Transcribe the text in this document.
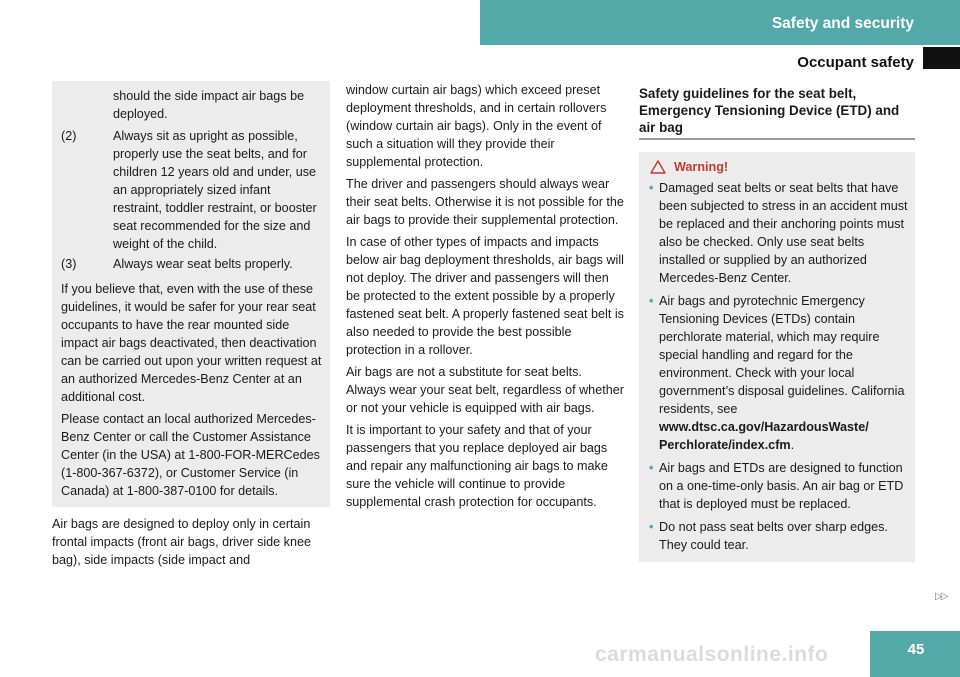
Safety and security
Occupant safety
should the side impact air bags be deployed.
(2)	Always sit as upright as possible, properly use the seat belts, and for children 12 years old and under, use an appropriately sized infant restraint, toddler restraint, or booster seat recommended for the size and weight of the child.
(3)	Always wear seat belts properly.

If you believe that, even with the use of these guidelines, it would be safer for your rear seat occupants to have the rear mounted side impact air bags deactivated, then deactivation can be carried out upon your written request at an authorized Mercedes-Benz Center at an additional cost.

Please contact an local authorized Mercedes-Benz Center or call the Customer Assistance Center (in the USA) at 1-800-FOR-MERCedes (1-800-367-6372), or Customer Service (in Canada) at 1-800-387-0100 for details.

Air bags are designed to deploy only in certain frontal impacts (front air bags, driver side knee bag), side impacts (side impact and

window curtain air bags) which exceed preset deployment thresholds, and in certain rollovers (window curtain air bags). Only in the event of such a situation will they provide their supplemental protection.

The driver and passengers should always wear their seat belts. Otherwise it is not possible for the air bags to provide their supplemental protection.

In case of other types of impacts and impacts below air bag deployment thresholds, air bags will not deploy. The driver and passengers will then be protected to the extent possible by a properly fastened seat belt. A properly fastened seat belt is also needed to provide the best possible protection in a rollover.

Air bags are not a substitute for seat belts. Always wear your seat belt, regardless of whether or not your vehicle is equipped with air bags.

It is important to your safety and that of your passengers that you replace deployed air bags and repair any malfunctioning air bags to make sure the vehicle will continue to provide supplemental crash protection for occupants.

Safety guidelines for the seat belt, Emergency Tensioning Device (ETD) and air bag
Warning!
• Damaged seat belts or seat belts that have been subjected to stress in an accident must be replaced and their anchoring points must also be checked. Only use seat belts installed or supplied by an authorized Mercedes-Benz Center.
• Air bags and pyrotechnic Emergency Tensioning Devices (ETDs) contain perchlorate material, which may require special handling and regard for the environment. Check with your local government’s disposal guidelines. California residents, see www.dtsc.ca.gov/HazardousWaste/ Perchlorate/index.cfm.
• Air bags and ETDs are designed to function on a one-time-only basis. An air bag or ETD that is deployed must be replaced.
• Do not pass seat belts over sharp edges. They could tear.
▷▷
45
carmanualsonline.info
